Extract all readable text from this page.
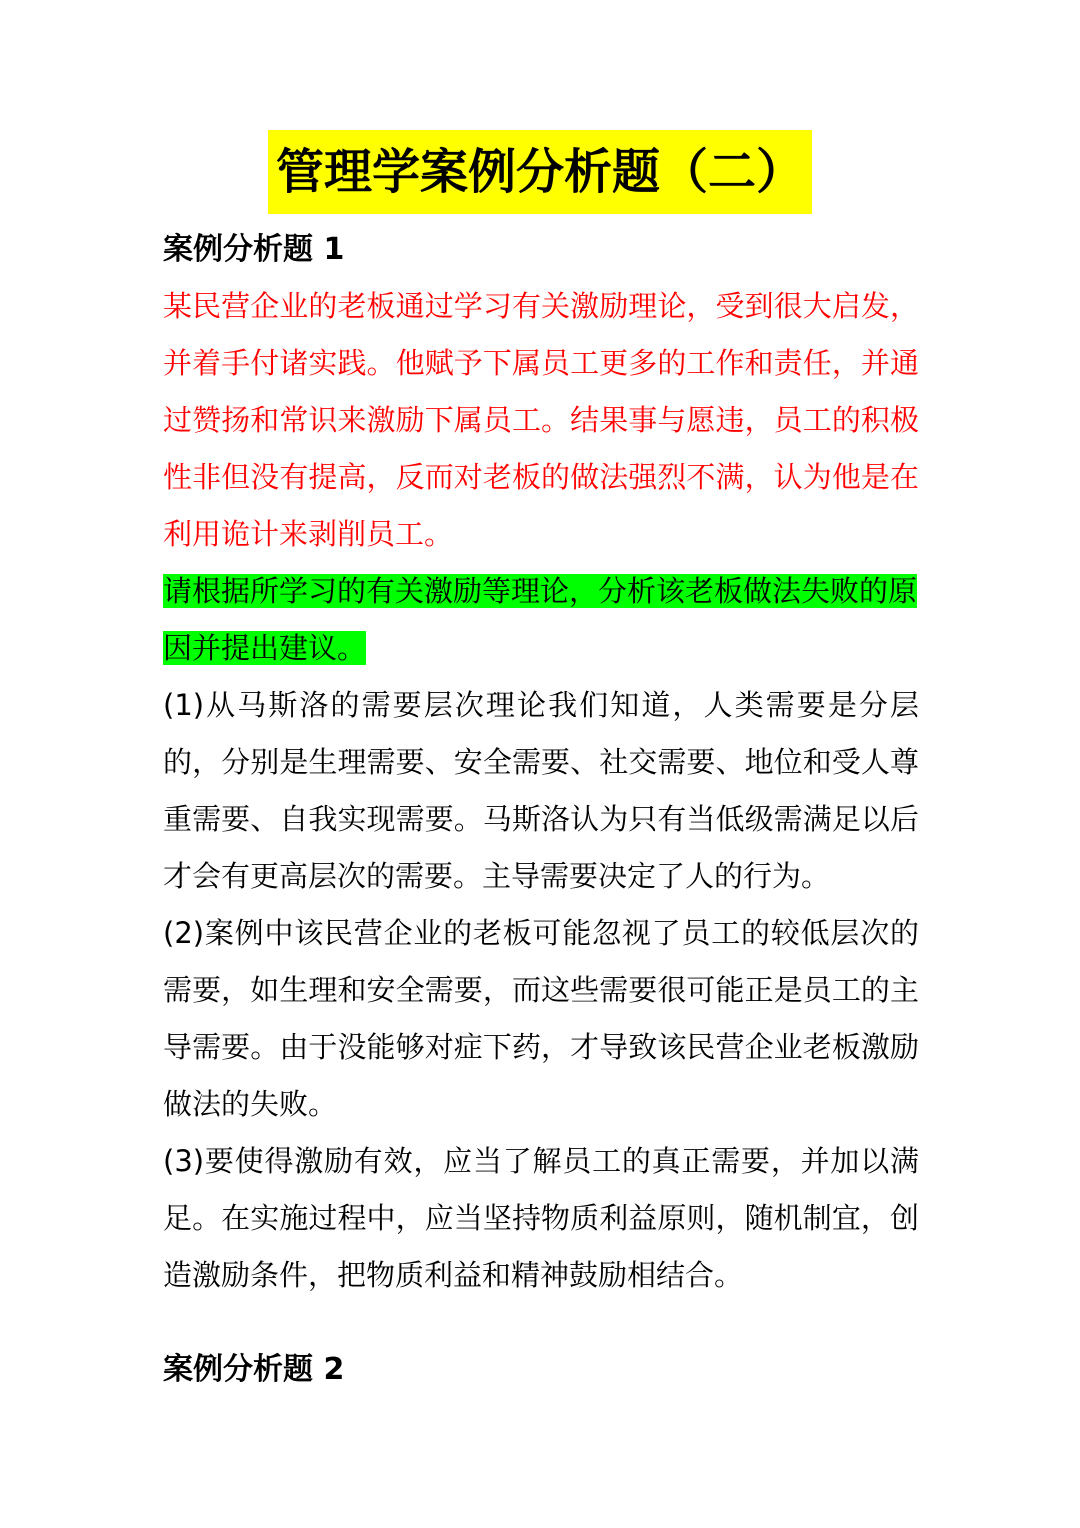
管理学案例分析题（二）

案例分析题 1

某民营企业的老板通过学习有关激励理论，受到很大启发，并着手付诸实践。他赋予下属员工更多的工作和责任，并通过赞扬和常识来激励下属员工。结果事与愿违，员工的积极性非但没有提高，反而对老板的做法强烈不满，认为他是在利用诡计来剥削员工。

请根据所学习的有关激励等理论，分析该老板做法失败的原因并提出建议。

(1)从马斯洛的需要层次理论我们知道，人类需要是分层的，分别是生理需要、安全需要、社交需要、地位和受人尊重需要、自我实现需要。马斯洛认为只有当低级需满足以后才会有更高层次的需要。主导需要决定了人的行为。

(2)案例中该民营企业的老板可能忽视了员工的较低层次的需要，如生理和安全需要，而这些需要很可能正是员工的主导需要。由于没能够对症下药，才导致该民营企业老板激励做法的失败。

(3)要使得激励有效，应当了解员工的真正需要，并加以满足。在实施过程中，应当坚持物质利益原则，随机制宜，创造激励条件，把物质利益和精神鼓励相结合。

案例分析题 2
